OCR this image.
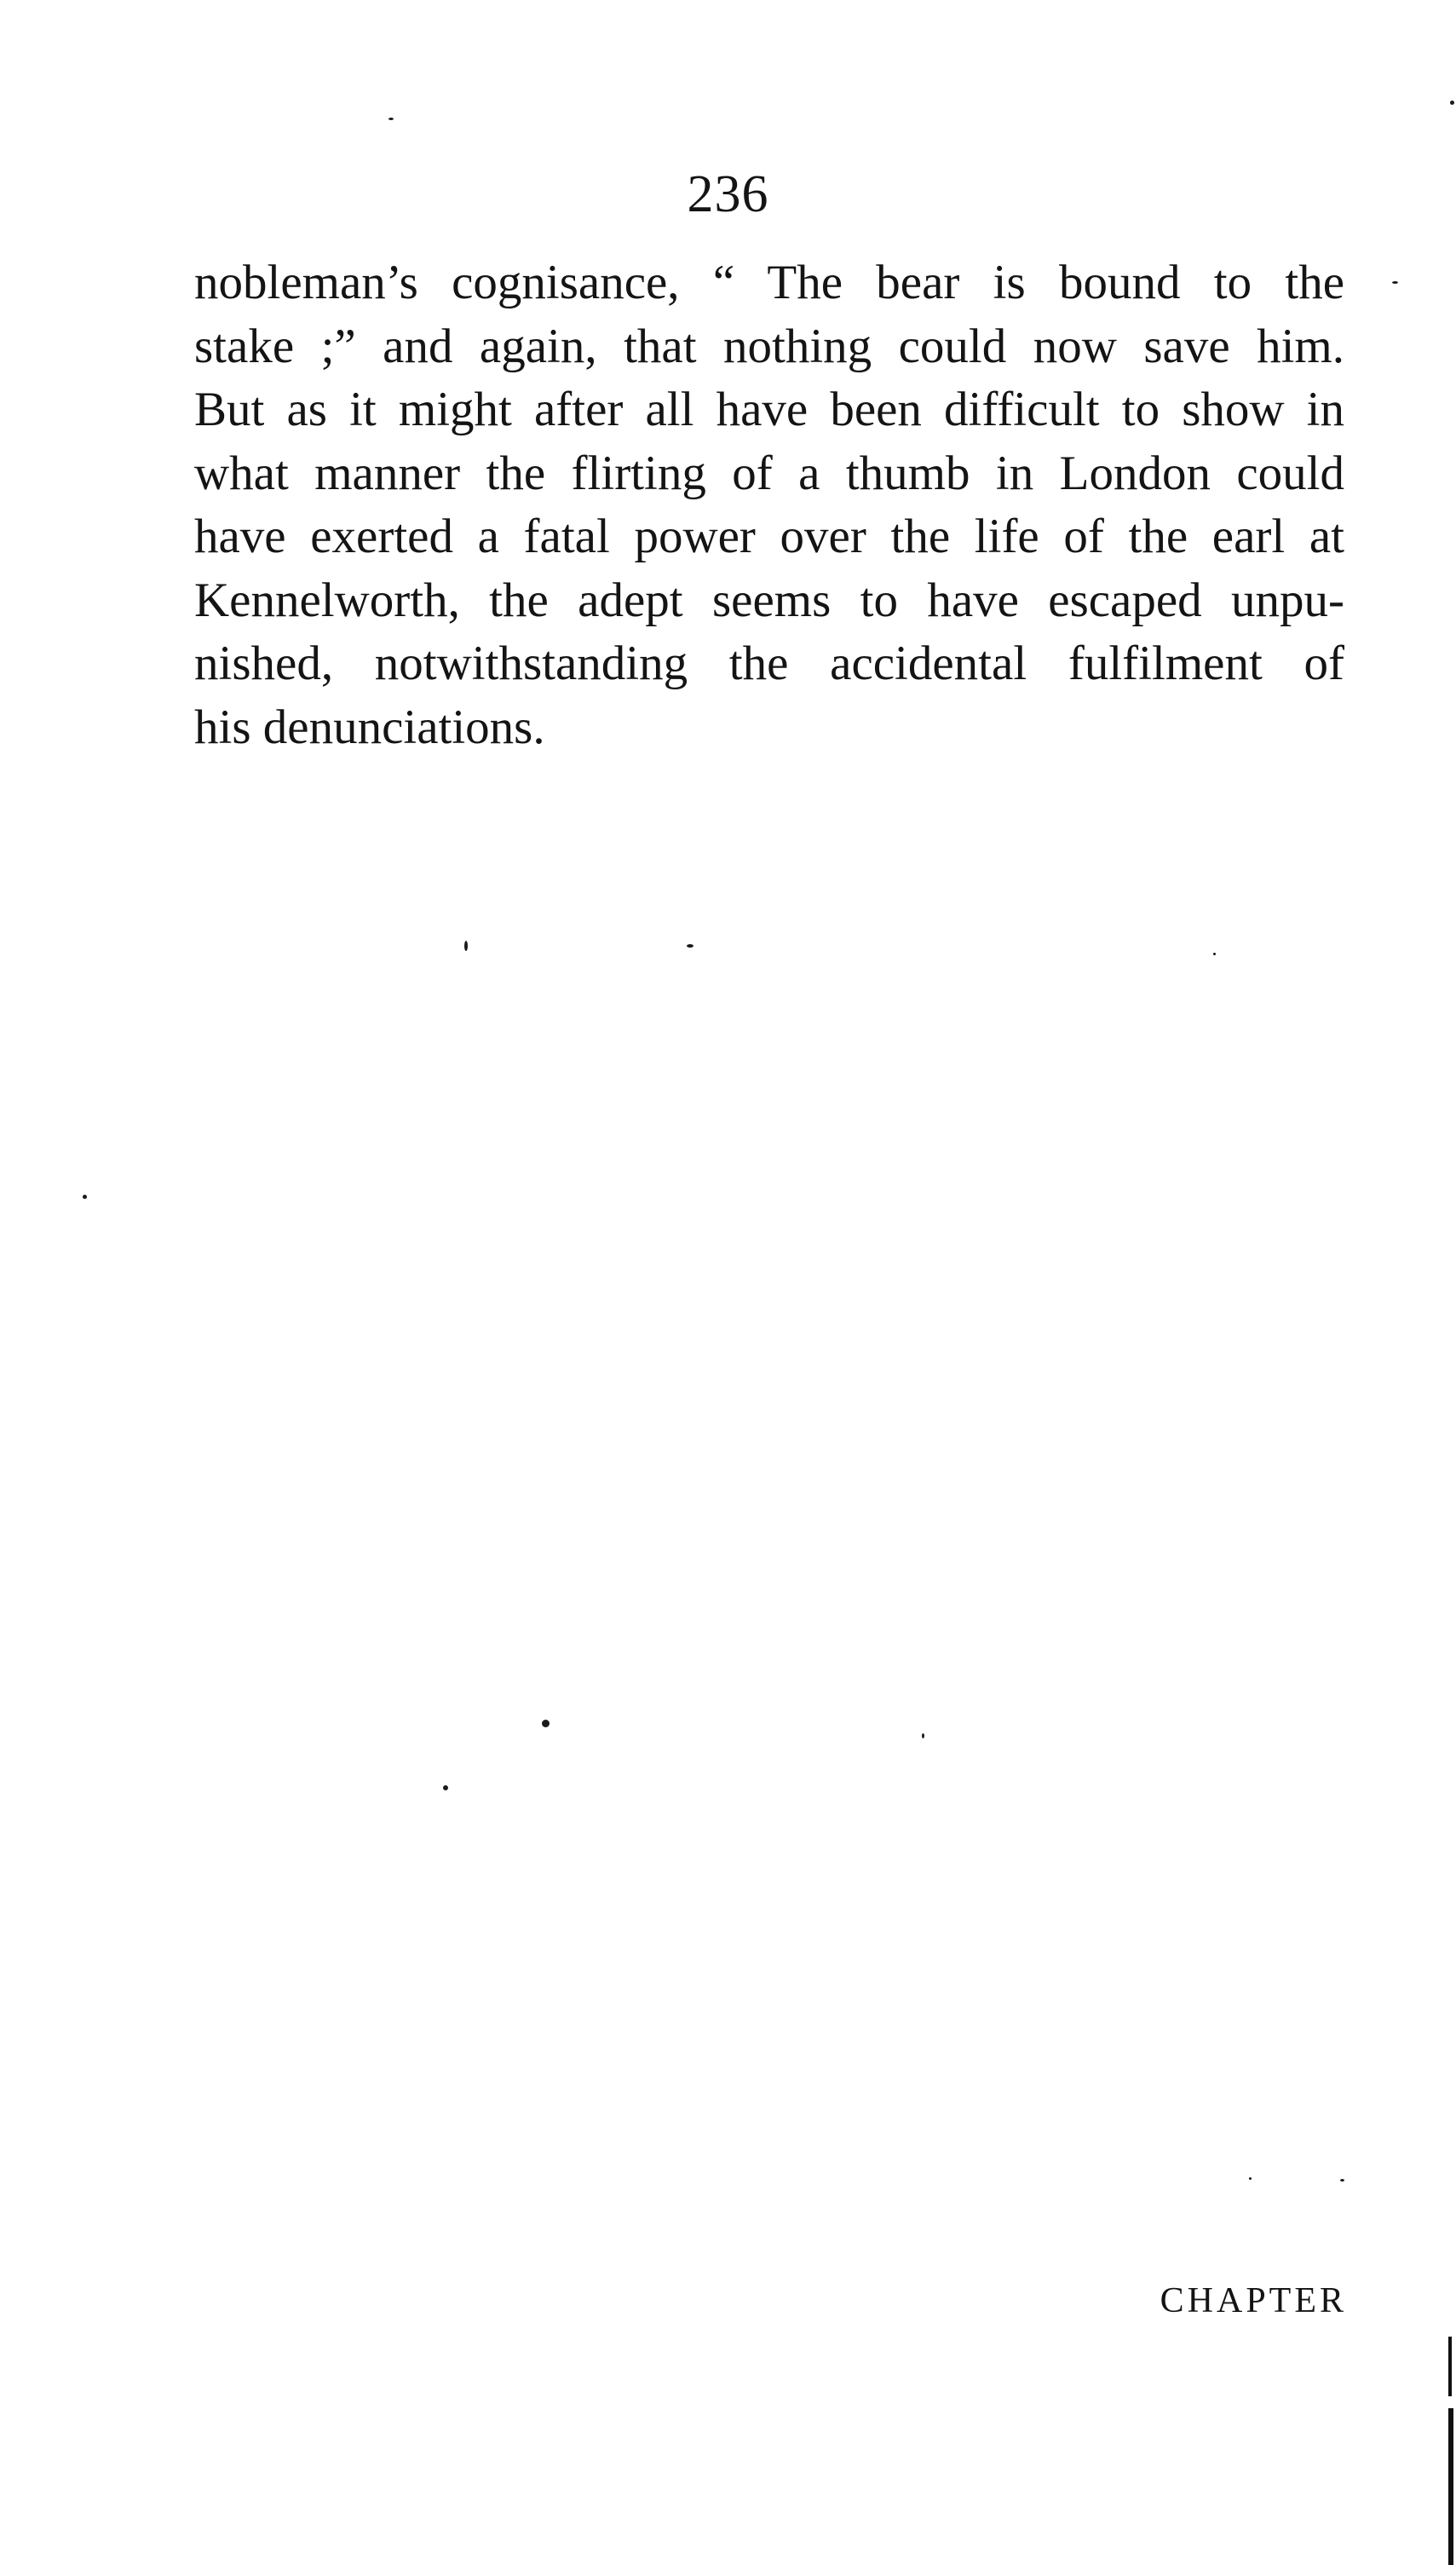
236
nobleman’s cognisance, “ The bear is bound to the
stake ;” and again, that nothing could now save him.
But as it might after all have been difficult to show in
what manner the flirting of a thumb in London could
have exerted a fatal power over the life of the earl at
Kennelworth, the adept seems to have escaped unpu-
nished, notwithstanding the accidental fulfilment of
his denunciations.
CHAPTER
